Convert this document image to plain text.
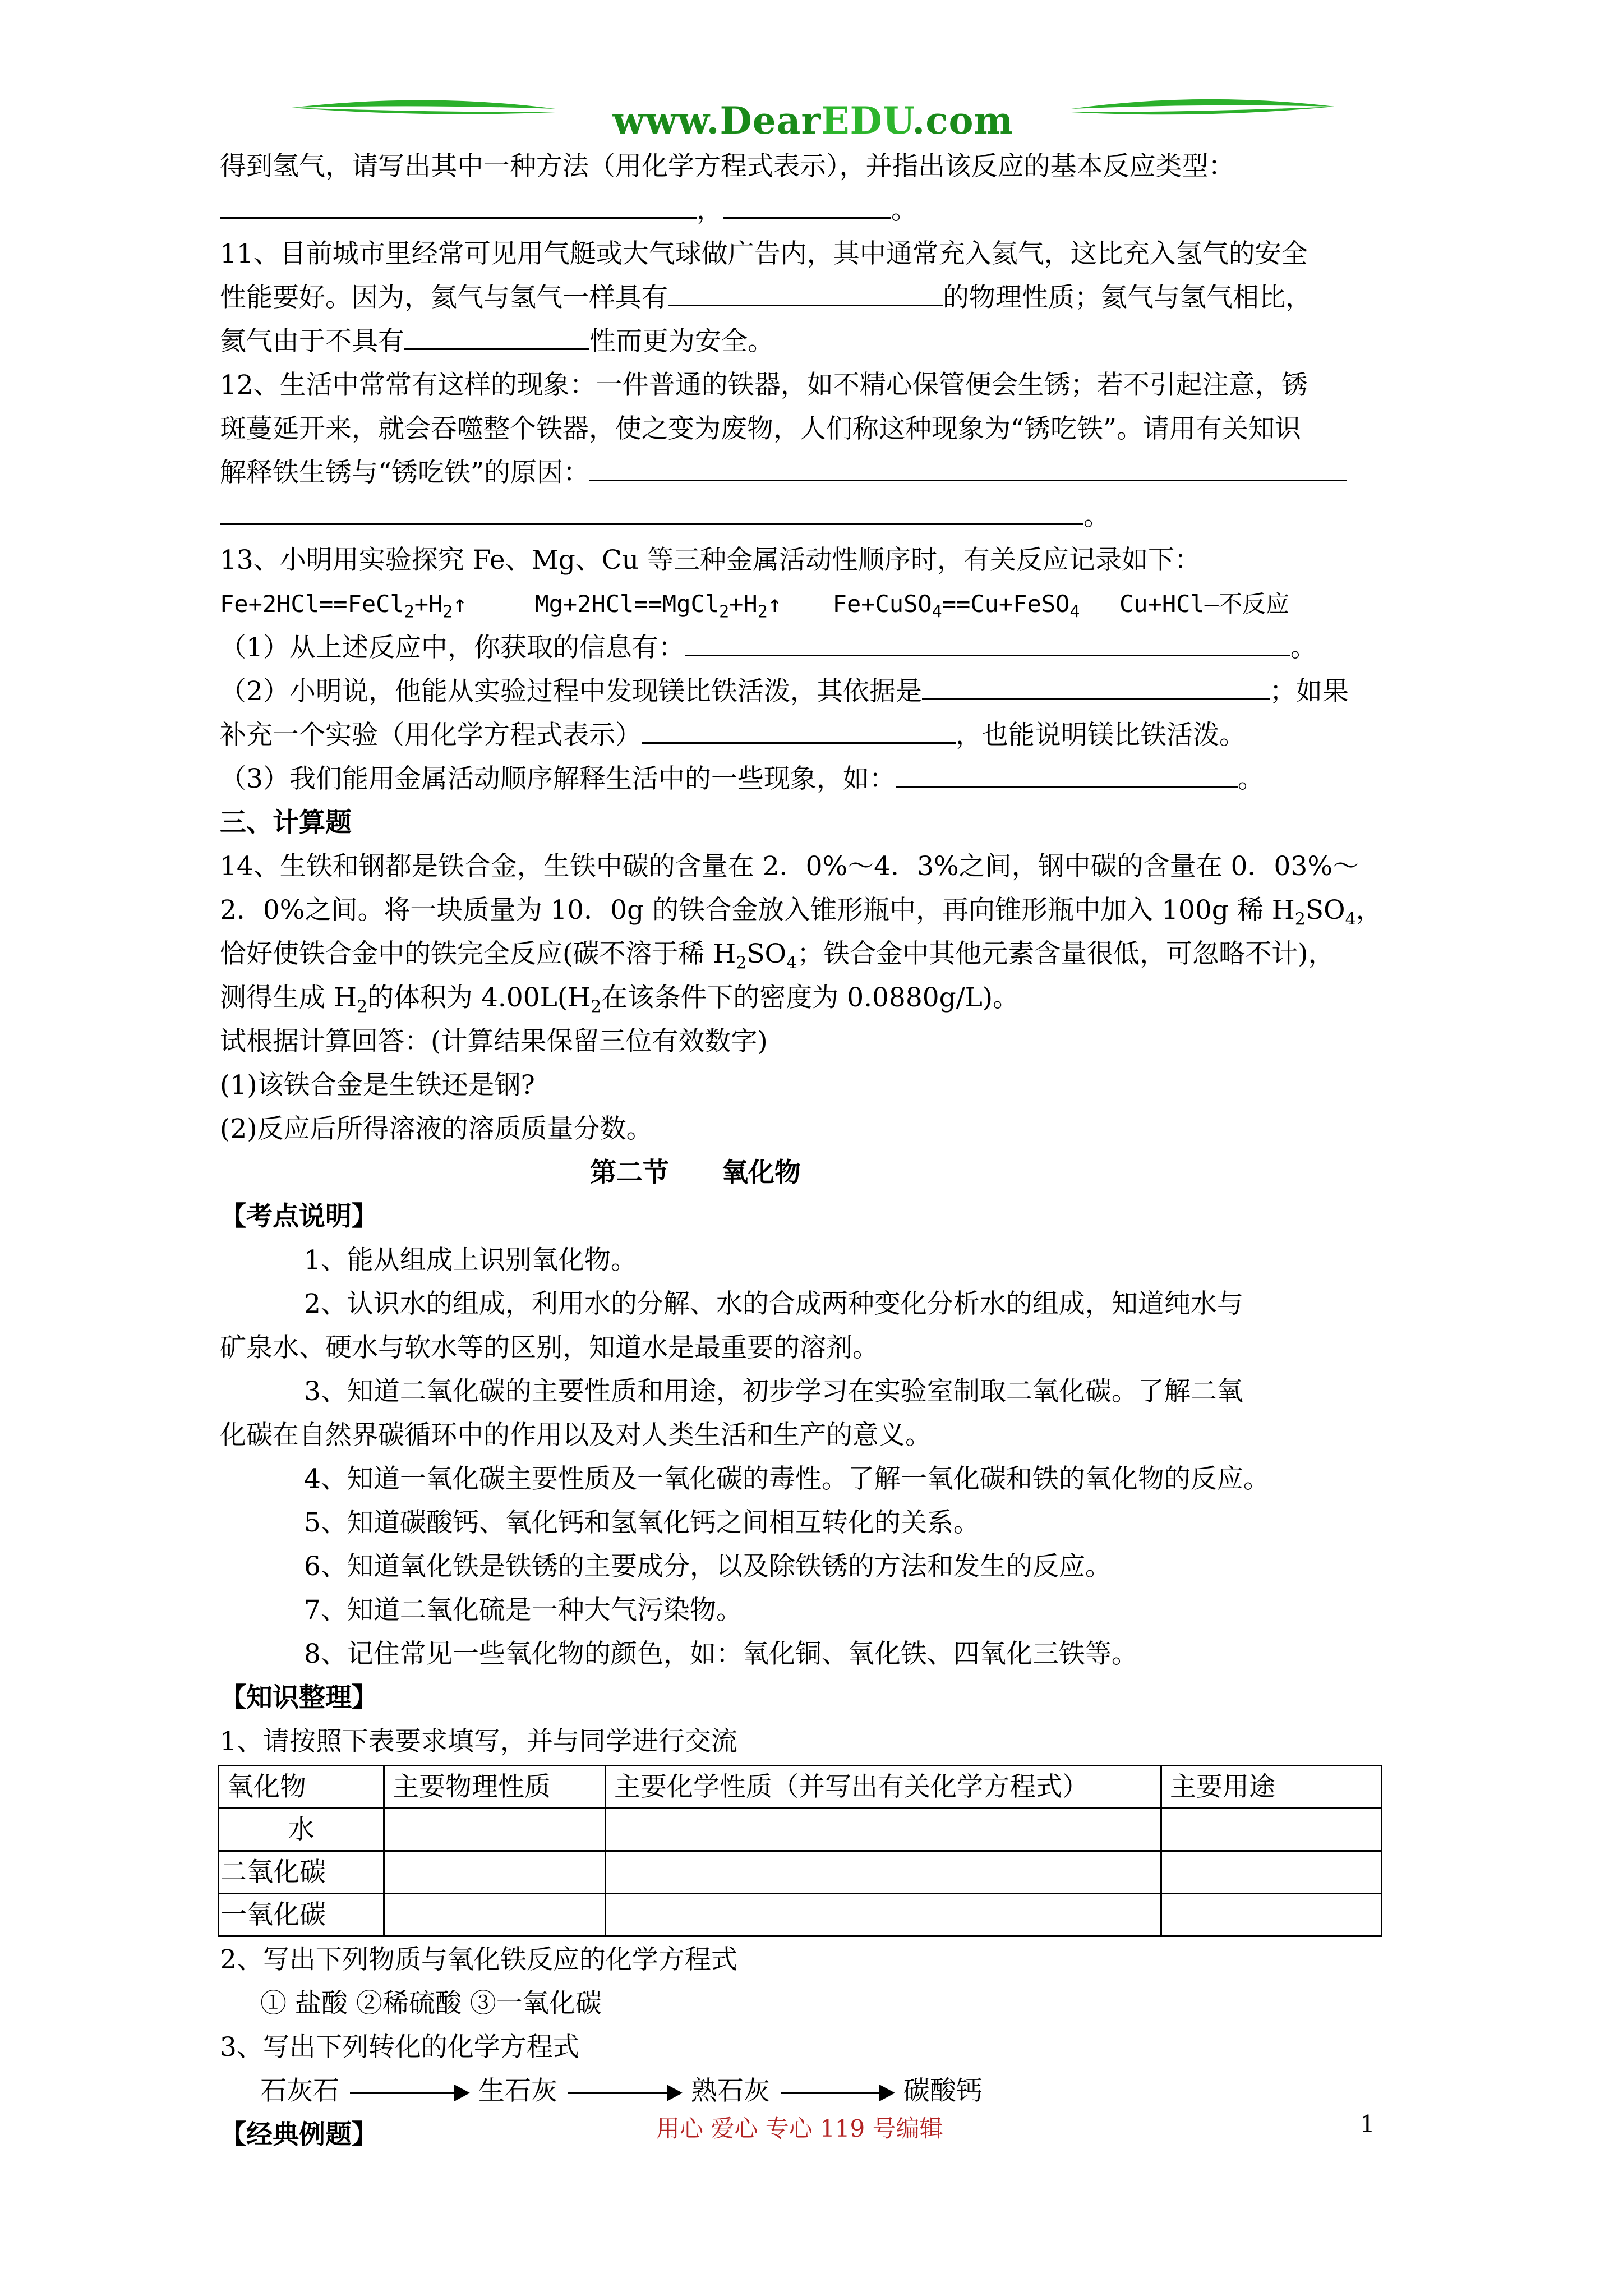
www.DearEDU.com
得到氢气，请写出其中一种方法（用化学方程式表示），并指出该反应的基本反应类型：
，	。
11、目前城市里经常可见用气艇或大气球做广告内，其中通常充入氦气，这比充入氢气的安全
性能要好。因为，氦气与氢气一样具有	的物理性质；氦气与氢气相比，
氦气由于不具有	性而更为安全。
12、生活中常常有这样的现象：一件普通的铁器，如不精心保管便会生锈；若不引起注意，锈
斑蔓延开来，就会吞噬整个铁器，使之变为废物，人们称这种现象为“锈吃铁”。请用有关知识
解释铁生锈与“锈吃铁”的原因：
。
13、小明用实验探究 Fe、Mg、Cu 等三种金属活动性顺序时，有关反应记录如下：
$Fe+2HCl==FeCl_2+H_2↑$	$Mg+2HCl==MgCl_2+H_2↑$ Fe+CuSO$_4$==Cu+FeSO$_4$ Cu+HCl—不反应
（1）从上述反应中，你获取的信息有：	。
（2）小明说，他能从实验过程中发现镁比铁活泼，其依据是	；如果
补充一个实验（用化学方程式表示）	，也能说明镁比铁活泼。
（3）我们能用金属活动顺序解释生活中的一些现象，如：	。
三、计算题
14、生铁和钢都是铁合金，生铁中碳的含量在 2．0%～4．3%之间，钢中碳的含量在 0．03%～
2．0%之间。将一块质量为 10．0g 的铁合金放入锥形瓶中，再向锥形瓶中加入 100g 稀 $H_2SO_4$，
恰好使铁合金中的铁完全反应(碳不溶于稀 $H_2SO_4$；铁合金中其他元素含量很低，可忽略不计)，
测得生成 $H_2$的体积为 $4.00L(H_2$在该条件下的密度为 0.0880g/L)。
试根据计算回答：(计算结果保留三位有效数字)
(1)该铁合金是生铁还是钢?
(2)反应后所得溶液的溶质质量分数。
第二节　　氧化物
【考点说明】
1、能从组成上识别氧化物。
2、认识水的组成，利用水的分解、水的合成两种变化分析水的组成，知道纯水与
矿泉水、硬水与软水等的区别，知道水是最重要的溶剂。
3、知道二氧化碳的主要性质和用途，初步学习在实验室制取二氧化碳。了解二氧
化碳在自然界碳循环中的作用以及对人类生活和生产的意义。
4、知道一氧化碳主要性质及一氧化碳的毒性。了解一氧化碳和铁的氧化物的反应。
5、知道碳酸钙、氧化钙和氢氧化钙之间相互转化的关系。
6、知道氧化铁是铁锈的主要成分，以及除铁锈的方法和发生的反应。
7、知道二氧化硫是一种大气污染物。
8、记住常见一些氧化物的颜色，如：氧化铜、氧化铁、四氧化三铁等。
【知识整理】
1、请按照下表要求填写，并与同学进行交流
氧化物	主要物理性质	主要化学性质（并写出有关化学方程式）	主要用途
水			
二氧化碳			
一氧化碳			
2、写出下列物质与氧化铁反应的化学方程式
① 盐酸 ②稀硫酸 ③一氧化碳
3、写出下列转化的化学方程式
石灰石	生石灰	熟石灰	碳酸钙
【经典例题】	用心 爱心 专心 119 号编辑	1
